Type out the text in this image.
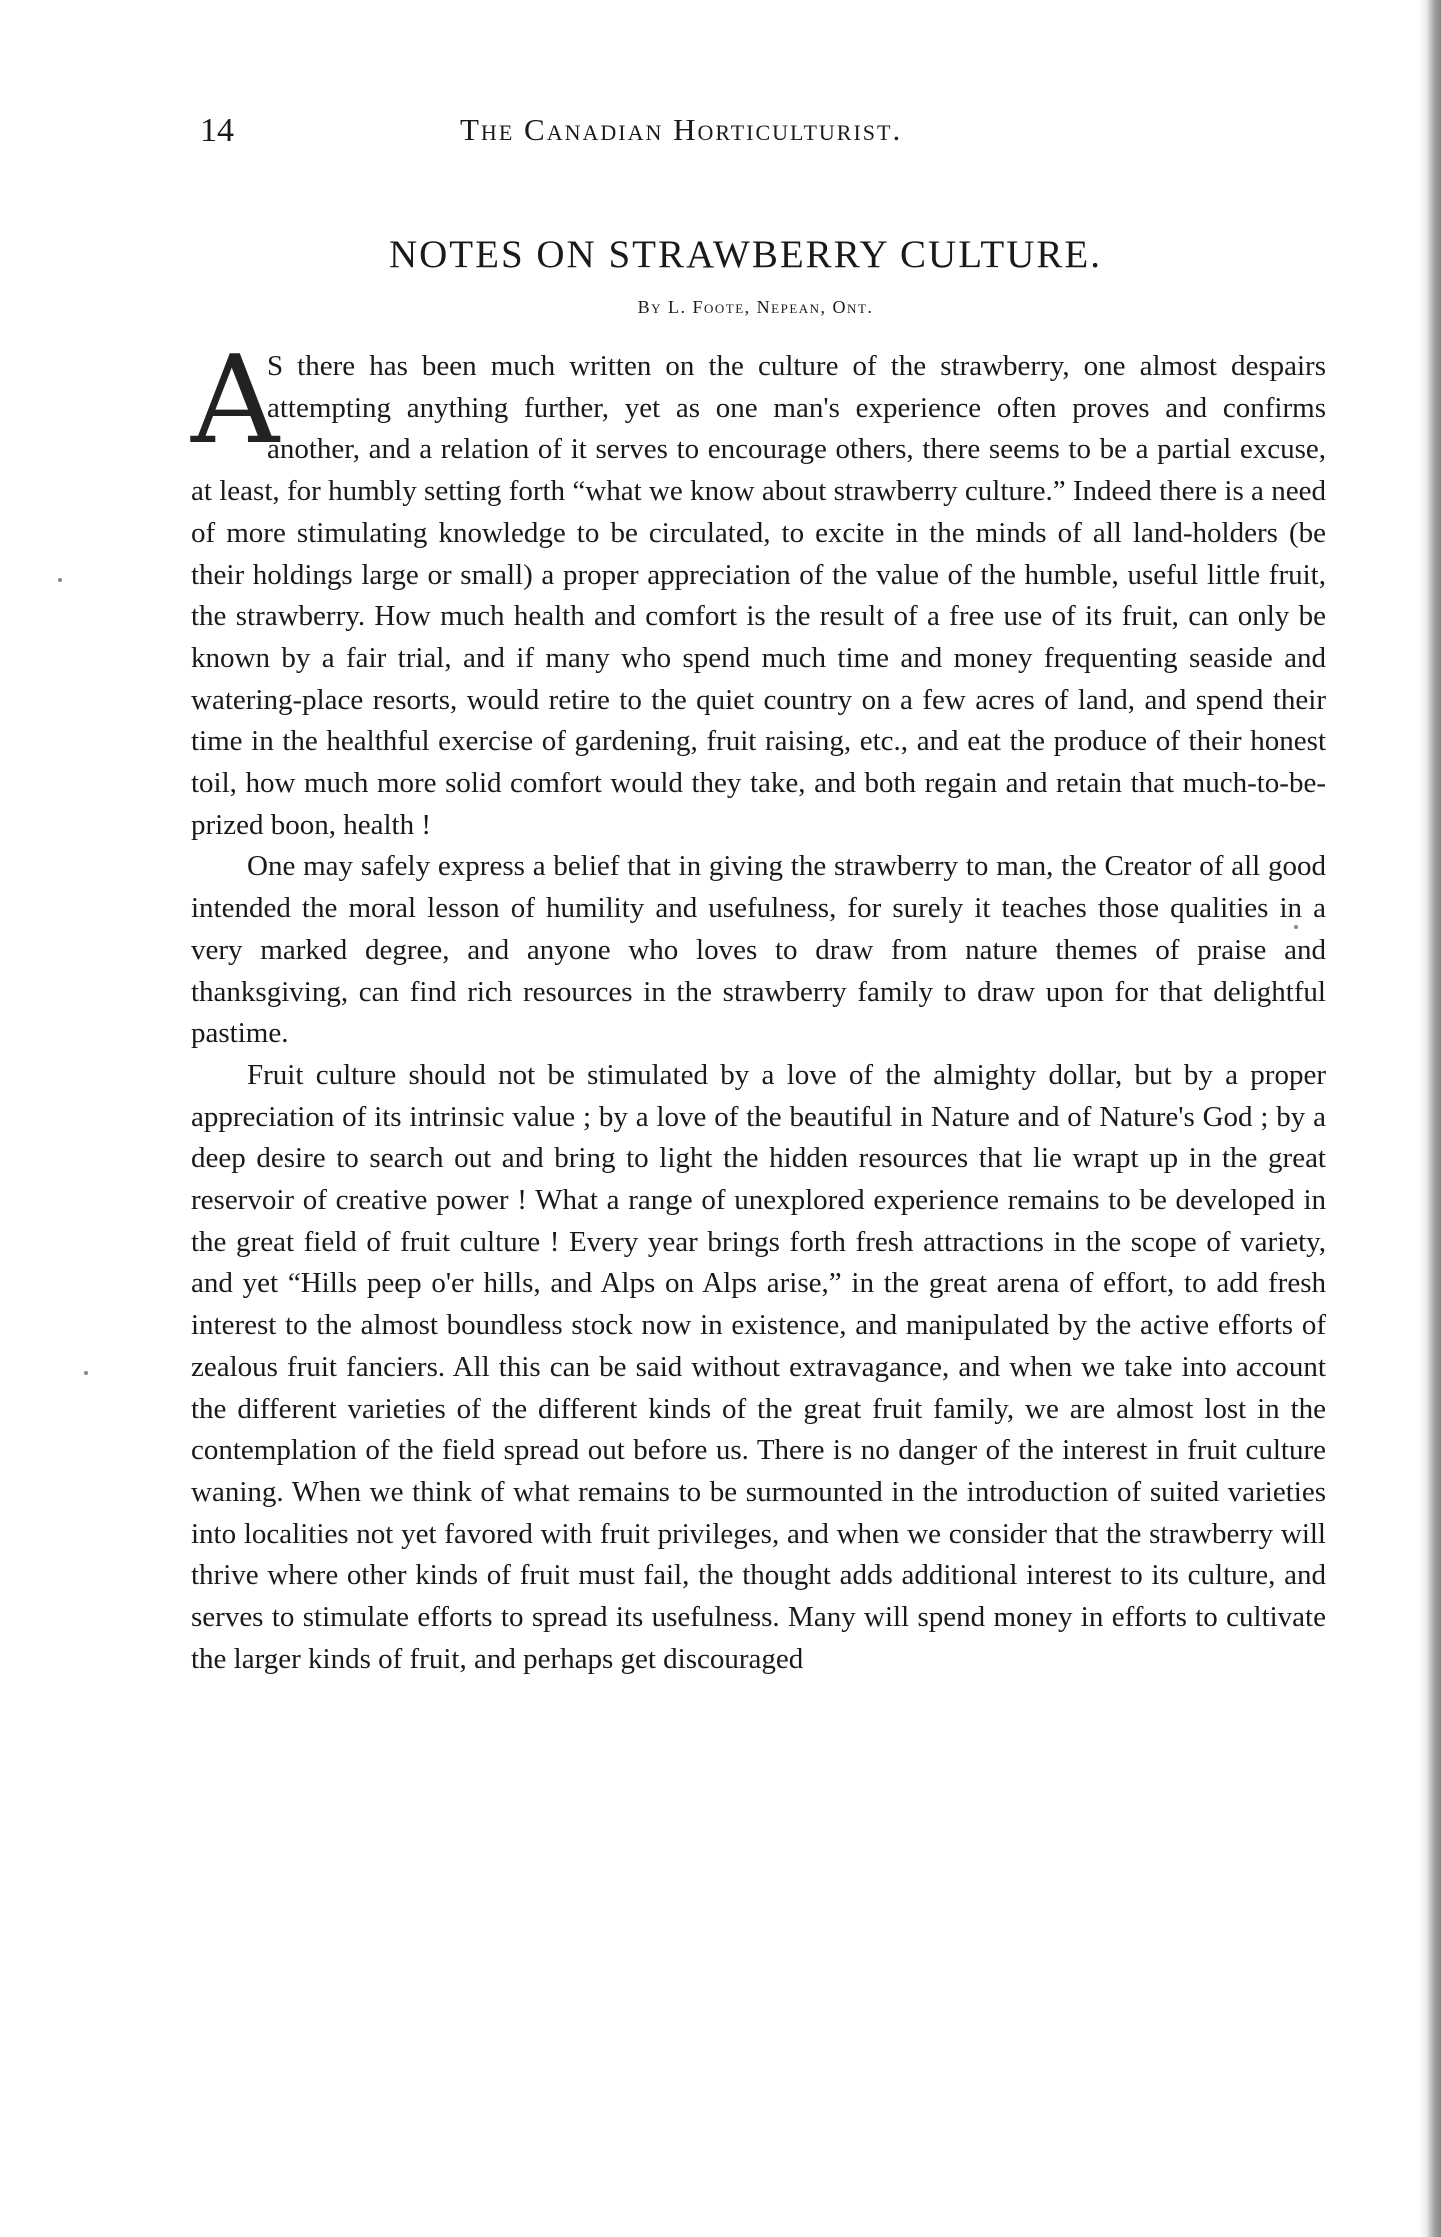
14	The Canadian Horticulturist.
NOTES ON STRAWBERRY CULTURE.
By L. Foote, Nepean, Ont.

A
S there has been much written on the culture of the strawberry, one almost despairs attempting anything further, yet as one man's experience often proves and confirms another, and a relation of it serves to encourage others, there seems to be a partial excuse, at least, for humbly setting forth “what we know about strawberry culture.” Indeed there is a need of more stimulating knowledge to be circulated, to excite in the minds of all land-holders (be their holdings large or small) a proper appreciation of the value of the humble, useful little fruit, the strawberry. How much health and comfort is the result of a free use of its fruit, can only be known by a fair trial, and if many who spend much time and money frequenting seaside and watering-place resorts, would retire to the quiet country on a few acres of land, and spend their time in the healthful exercise of gardening, fruit raising, etc., and eat the produce of their honest toil, how much more solid comfort would they take, and both regain and retain that much-to-be-prized boon, health !

One may safely express a belief that in giving the strawberry to man, the Creator of all good intended the moral lesson of humility and usefulness, for surely it teaches those qualities in a very marked degree, and anyone who loves to draw from nature themes of praise and thanksgiving, can find rich resources in the strawberry family to draw upon for that delightful pastime.

Fruit culture should not be stimulated by a love of the almighty dollar, but by a proper appreciation of its intrinsic value ; by a love of the beautiful in Nature and of Nature's God ; by a deep desire to search out and bring to light the hidden resources that lie wrapt up in the great reservoir of creative power ! What a range of unexplored experience remains to be developed in the great field of fruit culture ! Every year brings forth fresh attractions in the scope of variety, and yet “Hills peep o'er hills, and Alps on Alps arise,” in the great arena of effort, to add fresh interest to the almost boundless stock now in existence, and manipulated by the active efforts of zealous fruit fanciers. All this can be said without extravagance, and when we take into account the different varieties of the different kinds of the great fruit family, we are almost lost in the contemplation of the field spread out before us. There is no danger of the interest in fruit culture waning. When we think of what remains to be surmounted in the introduction of suited varieties into localities not yet favored with fruit privileges, and when we consider that the strawberry will thrive where other kinds of fruit must fail, the thought adds additional interest to its culture, and serves to stimulate efforts to spread its usefulness. Many will spend money in efforts to cultivate the larger kinds of fruit, and perhaps get discouraged
